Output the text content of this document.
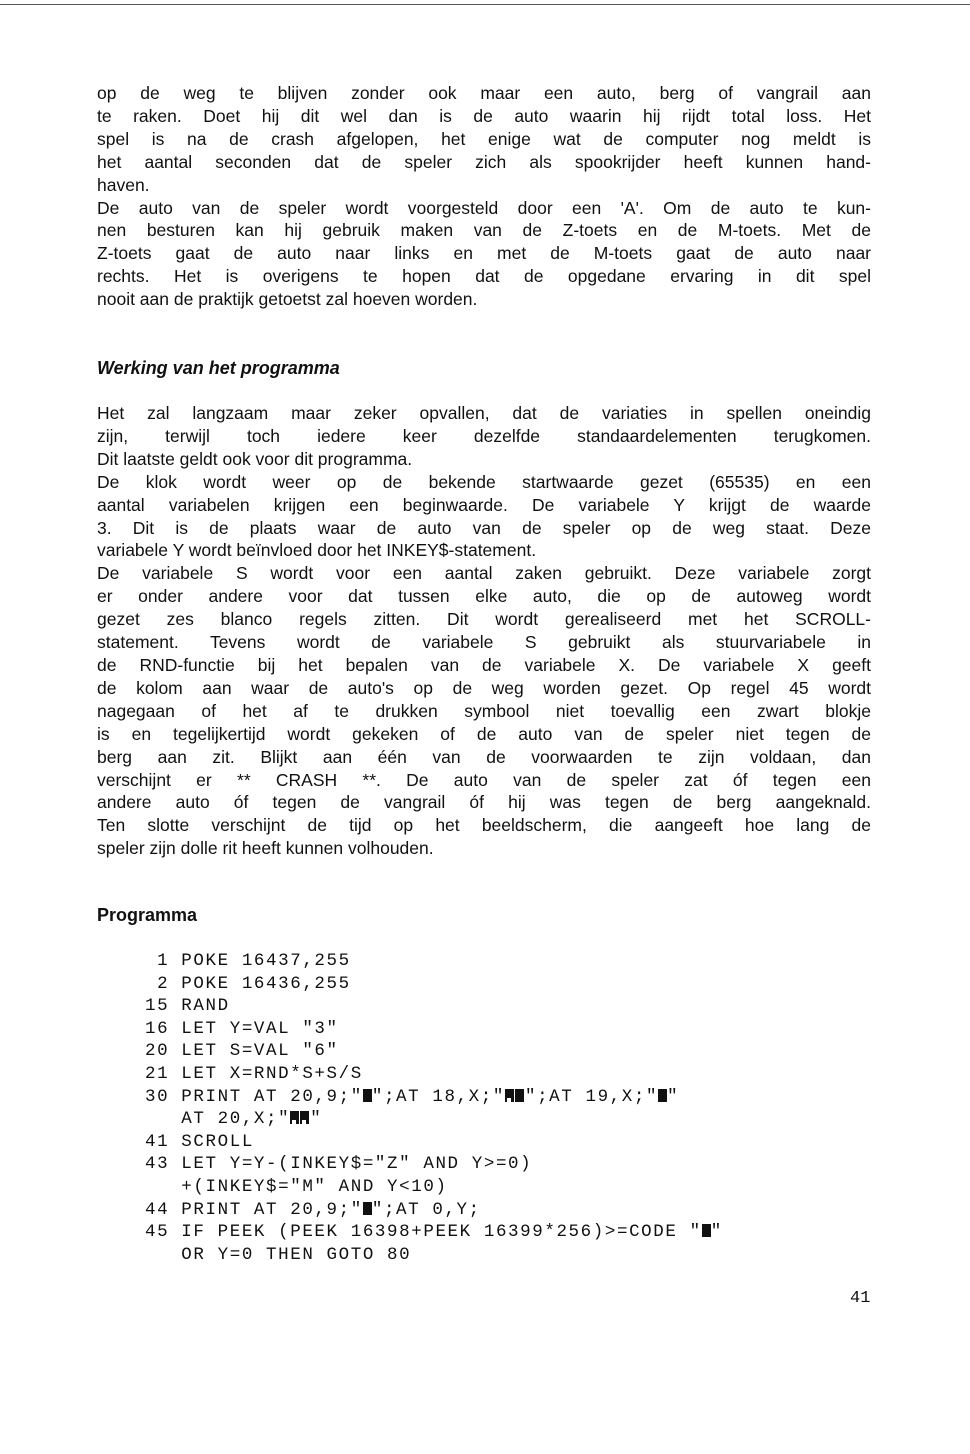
op de weg te blijven zonder ook maar een auto, berg of vangrail aan
te raken. Doet hij dit wel dan is de auto waarin hij rijdt total loss. Het
spel is na de crash afgelopen, het enige wat de computer nog meldt is
het aantal seconden dat de speler zich als spookrijder heeft kunnen hand-
haven.
De auto van de speler wordt voorgesteld door een 'A'. Om de auto te kun-
nen besturen kan hij gebruik maken van de Z-toets en de M-toets. Met de
Z-toets gaat de auto naar links en met de M-toets gaat de auto naar
rechts. Het is overigens te hopen dat de opgedane ervaring in dit spel
nooit aan de praktijk getoetst zal hoeven worden.
Werking van het programma
Het zal langzaam maar zeker opvallen, dat de variaties in spellen oneindig
zijn, terwijl toch iedere keer dezelfde standaardelementen terugkomen.
Dit laatste geldt ook voor dit programma.
De klok wordt weer op de bekende startwaarde gezet (65535) en een
aantal variabelen krijgen een beginwaarde. De variabele Y krijgt de waarde
3. Dit is de plaats waar de auto van de speler op de weg staat. Deze
variabele Y wordt beïnvloed door het INKEY$-statement.
De variabele S wordt voor een aantal zaken gebruikt. Deze variabele zorgt
er onder andere voor dat tussen elke auto, die op de autoweg wordt
gezet zes blanco regels zitten. Dit wordt gerealiseerd met het SCROLL-
statement. Tevens wordt de variabele S gebruikt als stuurvariabele in
de RND-functie bij het bepalen van de variabele X. De variabele X geeft
de kolom aan waar de auto's op de weg worden gezet. Op regel 45 wordt
nagegaan of het af te drukken symbool niet toevallig een zwart blokje
is en tegelijkertijd wordt gekeken of de auto van de speler niet tegen de
berg aan zit. Blijkt aan één van de voorwaarden te zijn voldaan, dan
verschijnt er ** CRASH **. De auto van de speler zat óf tegen een
andere auto óf tegen de vangrail óf hij was tegen de berg aangeknald.
Ten slotte verschijnt de tijd op het beeldscherm, die aangeeft hoe lang de
speler zijn dolle rit heeft kunnen volhouden.
Programma
1 POKE 16437,255
2 POKE 16436,255
15 RAND
16 LET Y=VAL "3"
20 LET S=VAL "6"
21 LET X=RND*S+S/S
30 PRINT AT 20,9;" ";AT 18,X;" ";AT 19,X;" "
AT 20,X;" "
41 SCROLL
43 LET Y=Y-(INKEY$="Z" AND Y>=0)
+(INKEY$="M" AND Y<10)
44 PRINT AT 20,9;" ";AT 0,Y;
45 IF PEEK (PEEK 16398+PEEK 16399*256)>=CODE " "
OR Y=0 THEN GOTO 80
41
